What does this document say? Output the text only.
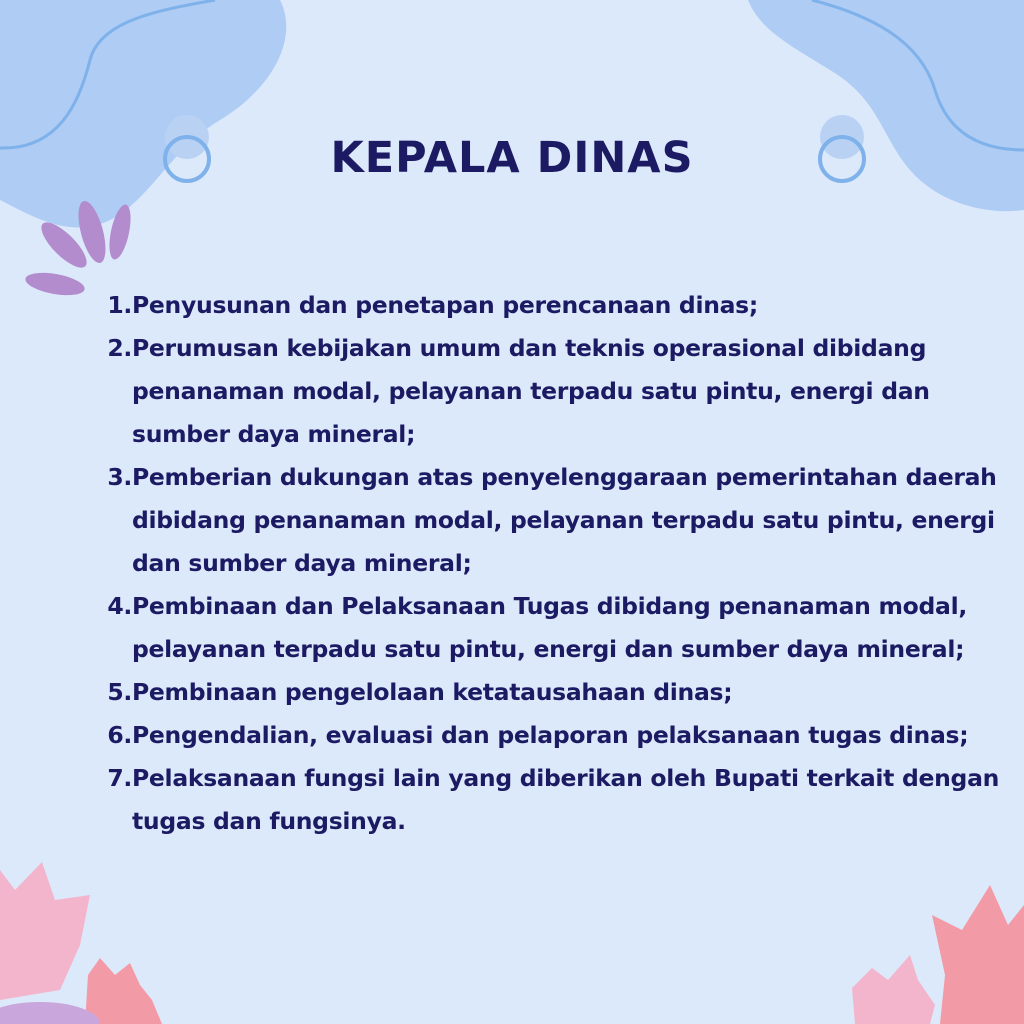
KEPALA DINAS
1. Penyusunan dan penetapan perencanaan dinas;
2. Perumusan kebijakan umum dan teknis operasional dibidang penanaman modal, pelayanan terpadu satu pintu, energi dan sumber daya mineral;
3. Pemberian dukungan atas penyelenggaraan pemerintahan daerah dibidang penanaman modal, pelayanan terpadu satu pintu, energi dan sumber daya mineral;
4. Pembinaan dan Pelaksanaan Tugas dibidang penanaman modal, pelayanan terpadu satu pintu, energi dan sumber daya mineral;
5. Pembinaan pengelolaan ketatausahaan dinas;
6. Pengendalian, evaluasi dan pelaporan pelaksanaan tugas dinas;
7. Pelaksanaan fungsi lain yang diberikan oleh Bupati terkait dengan tugas dan fungsinya.
